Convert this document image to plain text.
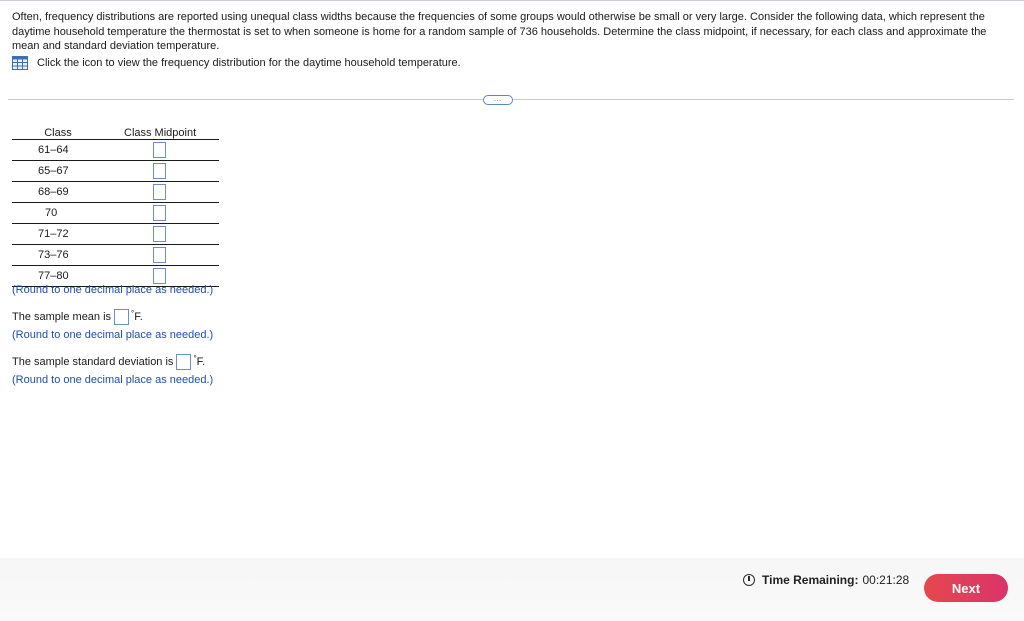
Often, frequency distributions are reported using unequal class widths because the frequencies of some groups would otherwise be small or very large. Consider the following data, which represent the daytime household temperature the thermostat is set to when someone is home for a random sample of 736 households. Determine the class midpoint, if necessary, for each class and approximate the mean and standard deviation temperature.

Click the icon to view the frequency distribution for the daytime household temperature.
…
Class	Class Midpoint
61–64
65–67
68–69
70
71–72
73–76
77–80
(Round to one decimal place as needed.)
The sample mean is	° F.
(Round to one decimal place as needed.)
The sample standard deviation is	° F.
(Round to one decimal place as needed.)
Time Remaining: 00:21:28
Next
